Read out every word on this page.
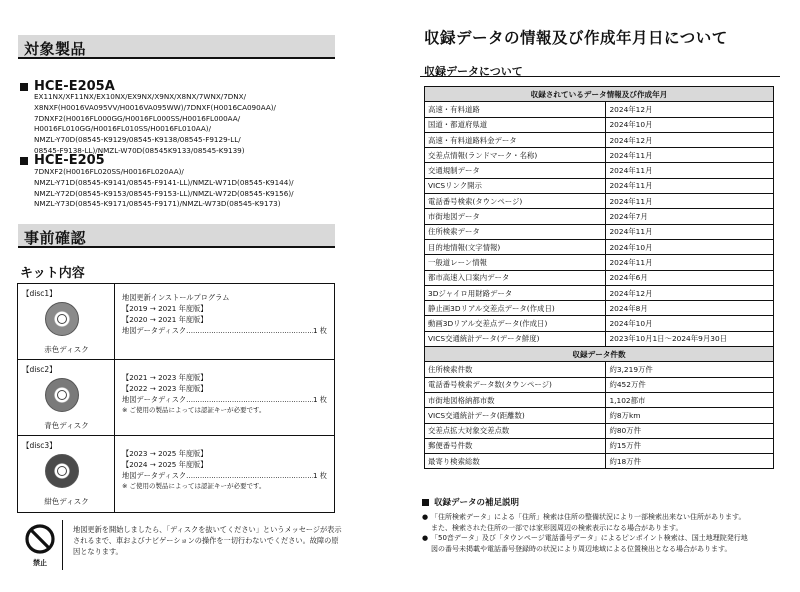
対象製品
HCE-E205A
EX11NX/XF11NX/EX10NX/EX9NX/X9NX/X8NX/7WNX/7DNX/
X8NXF(H0016VA095VV/H0016VA095WW)/7DNXF(H0016CA090AA)/
7DNXF2(H0016FL000GG/H0016FL000SS/H0016FL000AA/
H0016FL010GG/H0016FL010SS/H0016FL010AA)/
NMZL-Y70D(08545-K9129/08545-K9138/08545-F9129-LL/
08545-F9138-LL)/NMZL-W70D(08545K9133/08545-K9139)
HCE-E205
7DNXF2(H0016FL020SS/H0016FL020AA)/
NMZL-Y71D(08545-K9141/08545-F9141-LL)/NMZL-W71D(08545-K9144)/
NMZL-Y72D(08545-K9153/08545-F9153-LL)/NMZL-W72D(08545-K9156)/
NMZL-Y73D(08545-K9171/08545-F9171)/NMZL-W73D(08545-K9173)
事前確認
キット内容
【disc1】
赤色ディスク
地図更新インストールプログラム
【2019 → 2021 年度版】
【2020 → 2021 年度版】
地図データディスク .....	1 枚
【disc2】
青色ディスク
【2021 → 2023 年度版】
【2022 → 2023 年度版】
地図データディスク .....	1 枚
※ ご使用の製品によっては認証キーが必要です。
【disc3】
紺色ディスク
【2023 → 2025 年度版】
【2024 → 2025 年度版】
地図データディスク .....	1 枚
※ ご使用の製品によっては認証キーが必要です。
禁止
地図更新を開始しましたら、「ディスクを抜いてください」というメッセージが表示されるまで、車およびナビゲーションの操作を一切行わないでください。故障の原因となります。
収録データの情報及び作成年月日について
収録データについて
収録されているデータ情報及び作成年月	
高速・有料道路	2024年12月
国道・都道府県道	2024年10月
高速・有料道路料金データ	2024年12月
交差点情報(ランドマーク・名称)	2024年11月
交通規制データ	2024年11月
VICSリンク開示	2024年11月
電話番号検索(タウンページ)	2024年11月
市街地図データ	2024年7月
住所検索データ	2024年11月
目的地情報(文字情報)	2024年10月
一般道レーン情報	2024年11月
都市高速入口案内データ	2024年6月
3Dジャイロ用財路データ	2024年12月
静止画3Dリアル交差点データ(作成日)	2024年8月
動画3Dリアル交差点データ(作成日)	2024年10月
VICS交通統計データ(データ鮮度)	2023年10月1日～2024年9月30日
収録データ件数	
住所検索件数	約3,219万件
電話番号検索データ数(タウンページ)	約452万件
市街地図格納都市数	1,102都市
VICS交通統計データ(距離数)	約8万km
交差点拡大対象交差点数	約80万件
郵便番号件数	約15万件
最寄り検索総数	約18万件
収録データの補足説明
● 「住所検索データ」による「住所」検索は住所の整備状況により一部検索出来ない住所があります。
また、検索された住所の一部では家形図周辺の検索表示になる場合があります。
● 「50音データ」及び「タウンページ電話番号データ」によるピンポイント検索は、国土地理院発行地
図の番号未掲載や電話番号登録時の状況により周辺地域による位置検出となる場合があります。
